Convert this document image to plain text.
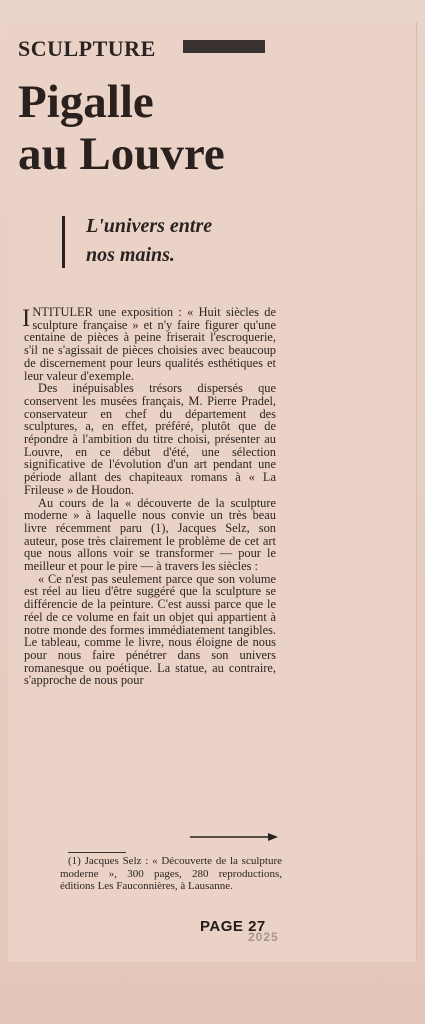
SCULPTURE
Pigalle
au Louvre
L'univers entre
nos mains.

INTITULER une exposition : « Huit siècles de sculpture française » et n'y faire figurer qu'une centaine de pièces à peine friserait l'escroquerie, s'il ne s'agissait de pièces choisies avec beaucoup de discernement pour leurs qualités esthétiques et leur valeur d'exemple.

Des inépuisables trésors dispersés que conservent les musées français, M. Pierre Pradel, conservateur en chef du département des sculptures, a, en effet, préféré, plutôt que de répondre à l'ambition du titre choisi, présenter au Louvre, en ce début d'été, une sélection significative de l'évolution d'un art pendant une période allant des chapiteaux romans à « La Frileuse » de Houdon.

Au cours de la « découverte de la sculpture moderne » à laquelle nous convie un très beau livre récemment paru (1), Jacques Selz, son auteur, pose très clairement le problème de cet art que nous allons voir se transformer — pour le meilleur et pour le pire — à travers les siècles :

« Ce n'est pas seulement parce que son volume est réel au lieu d'être suggéré que la sculpture se différencie de la peinture. C'est aussi parce que le réel de ce volume en fait un objet qui appartient à notre monde des formes immédiatement tangibles. Le tableau, comme le livre, nous éloigne de nous pour nous faire pénétrer dans son univers romanesque ou poétique. La statue, au contraire, s'approche de nous pour

(1) Jacques Selz : « Découverte de la sculpture moderne », 300 pages, 280 reproductions, éditions Les Fauconnières, à Lausanne.

PAGE 27
2025
